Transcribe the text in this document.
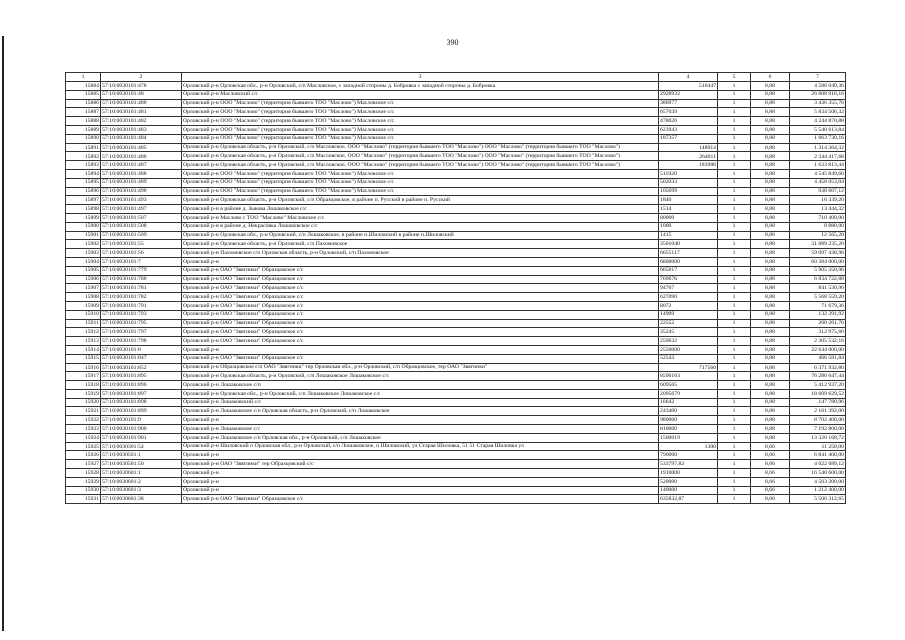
390
1	2	3	4	5	6	7
15884	57:10:0030101:478	Орловский р-н Орловская обл., р-н Орловский, с/п Масловское, с западной стороны д. Бобровка с западной стороны д. Бобровка	516447	1	8,88	4 586 049,36
15885	57:10:0030101:48	Орловский р-н Масловский с/с	2928932	1	8,88	26 008 916,16
15886	57:10:0030101:480	Орловский р-н ООО "Маслово" (территория бывшего ТОО "Маслово") Масловское с/с	386977	1	8,88	3 436 355,76
15887	57:10:0030101:481	Орловский р-н ООО "Маслово" (территория бывшего ТОО "Маслово") Масловское с/с	657039	1	8,88	5 834 506,32
15888	57:10:0030101:482	Орловский р-н ООО "Маслово" (территория бывшего ТОО "Маслово") Масловское с/с	478026	1	8,88	4 244 870,88
15889	57:10:0030101:483	Орловский р-н ООО "Маслово" (территория бывшего ТОО "Маслово") Масловское с/с	623943	1	8,88	5 540 613,84
15890	57:10:0030101:484	Орловский р-н ООО "Маслово" (территория бывшего ТОО "Маслово") Масловское с/с	187357	1	8,88	1 663 730,16
15891	57:10:0030101:485	Орловский р-н Орловская область, р-н Орловский, с/п Масловское, ООО "Маслово" (территория бывшего ТОО "Маслово") ООО "Маслово" (территория бывшего ТОО "Маслово")	148014	1	8,88	1 314 364,32
15892	57:10:0030101:486	Орловский р-н Орловская область, р-н Орловский, с/п Масловское, ООО "Маслово" (территория бывшего ТОО "Маслово") ООО "Маслово" (территория бывшего ТОО "Маслово")	264011	1	8,88	2 344 417,68
15893	57:10:0030101:487	Орловский р-н Орловская область, р-н Орловский, с/п Масловское, ООО "Маслово" (территория бывшего ТОО "Маслово") ООО "Маслово" (территория бывшего ТОО "Маслово")	183988	1	8,88	1 633 813,44
15894	57:10:0030101:488	Орловский р-н ООО "Маслово" (территория бывшего ТОО "Маслово") Масловское с/с	511920	1	8,88	4 545 849,60
15895	57:10:0030101:489	Орловский р-н ООО "Маслово" (территория бывшего ТОО "Маслово") Масловское с/с	502033	1	8,88	4 458 053,04
15896	57:10:0030101:490	Орловский р-н ООО "Маслово" (территория бывшего ТОО "Маслово") Масловское с/с	105699	1	8,88	938 607,12
15897	57:10:0030101:493	Орловский р-н Орловская область, р-н Орловский, с/п Образцовское, в районе п. Русский в районе п. Русский	1840	1	8,88	16 339,20
15898	57:10:0030101:497	Орловский р-н в районе д. Зыкова Лошаковское с/с	1514	1	8,88	13 444,32
15899	57:10:0030101:507	Орловский р-н Маслово с ТОО "Маслово" Масловское с/с	80000	1	8,88	710 400,00
15900	57:10:0030101:508	Орловский р-н в районе д. Некрасовка Лошаковское с/с	1000	1	8,88	8 880,00
15901	57:10:0030101:509	Орловский р-н Орловская обл., р-н Орловский, с/п Лошаковское, в районе п.Шиловский в районе п.Шиловский	1415	1	8,86	12 565,20
15902	57:10:0030101:55	Орловский р-н Орловская область, р-н Орловский, с/п Пахомовское	3501040	1	8,88	31 089 235,20
15903	57:10:0030101:56	Орловский р-н Пахомовское с/п Орловская область, р-н Орловский, с/п Пахомовское	6655117	1	8,88	59 097 438,96
15904	57:10:0030101:7	Орловский р-н	6800000	1	8,88	60 384 000,00
15905	57:10:0030101:779	Орловский р-н ОАО "Звягинки" Образцовское с/с	665017	1	8,88	5 905 350,96
15906	57:10:0030101:780	Орловский р-н ОАО "Звягинки" Образцовское с/с	769676	1	8,88	6 834 722,88
15907	57:10:0030101:781	Орловский р-н ОАО "Звягинки" Образцовское с/с	94767	1	8,88	841 530,96
15908	57:10:0030101:782	Орловский р-н ОАО "Звягинки" Образцовское с/с	627090	1	8,88	5 568 559,20
15909	57:10:0030101:791	Орловский р-н ОАО "Звягинки" Образцовское с/с	8072	1	8,88	71 679,36
15910	57:10:0030101:793	Орловский р-н ОАО "Звягинки" Образцовское с/с	14909	1	8,88	132 391,92
15911	57:10:0030101:795	Орловский р-н ОАО "Звягинки" Образцовское с/с	22552	1	8,88	200 261,76
15912	57:10:0030101:797	Орловский р-н ОАО "Звягинки" Образцовское с/с	35245	1	8,88	312 975,60
15913	57:10:0030101:798	Орловский р-н ОАО "Звягинки" Образцовское с/с	259632	1	8,88	2 305 532,16
15914	57:10:0030101:8	Орловский р-н	2550000	1	8,88	22 644 000,00
15915	57:10:0030101:847	Орловский р-н ОАО "Звягинки" Образцовское с/с	52543	1	8,88	466 581,84
15916	57:10:0030101:852	Орловский р-н Образцовское с/п ОАО "Звягинки" тер Орловская обл., р-н Орловский, с/п Образцовское, тер ОАО "Звягинки"	717560	1	8,88	6 371 932,80
15917	57:10:0030101:895	Орловский р-н Орловская область, р-н Орловский, с/п Лошаковское Лошаковское с/с	8590163	1	8,88	76 280 647,44
15918	57:10:0030101:896	Орловский р-н Лошаковское с/п	609565	1	8,88	5 412 937,20
15919	57:10:0030101:897	Орловский р-н Орловская обл., р-н Орловский, с/п Лошаковское Лошаковское с/с	2095679	1	8,88	18 609 629,52
15920	57:10:0030101:898	Орловский р-н Лошаковский с/с	16642	1	8,88	147 780,96
15921	57:10:0030101:899	Орловский р-н Лошаковское с/п Орловская область, р-н Орловский, с/п Лошаковское	243400	1	8,88	2 161 392,00
15922	57:10:0030101:9	Орловский р-н	980000	1	8,88	8 702 400,00
15923	57:10:0030101:900	Орловский р-н Лошаковское с/с	810000	1	8,88	7 192 800,00
15924	57:10:0030101:901	Орловский р-н Лошаковское с/п Орловская обл., р-н Орловский, с/п Лошаковское	1500019	1	8,88	13 320 168,72
15925	57:10:0030301:54	Орловский р-н Шиловский п Орловская обл., р-н Орловский, с/п Лошаковское, п Шиловский, ул Старая Шиловка, 51 51 Старая Шиловка ул	1300	1	8,66	11 258,00
15926	57:10:0030501:1	Орловский р-н	790000	1	8,66	6 841 400,00
15927	57:10:0030501:50	Орловский р-н ОАО "Звягинки" тер Образцовский с/с	533797,82	1	8,66	4 622 689,12
15928	57:10:0030601:1	Орловский р-н	1910000	1	8,66	16 540 600,00
15929	57:10:0030601:2	Орловский р-н	520000	1	8,66	4 503 200,00
15930	57:10:0030601:3	Орловский р-н	140000	1	8,66	1 212 400,00
15931	57:10:0030601:38	Орловский р-н ОАО "Звягинки" Образцовское с/с	635832,87	1	8,66	5 506 312,65
